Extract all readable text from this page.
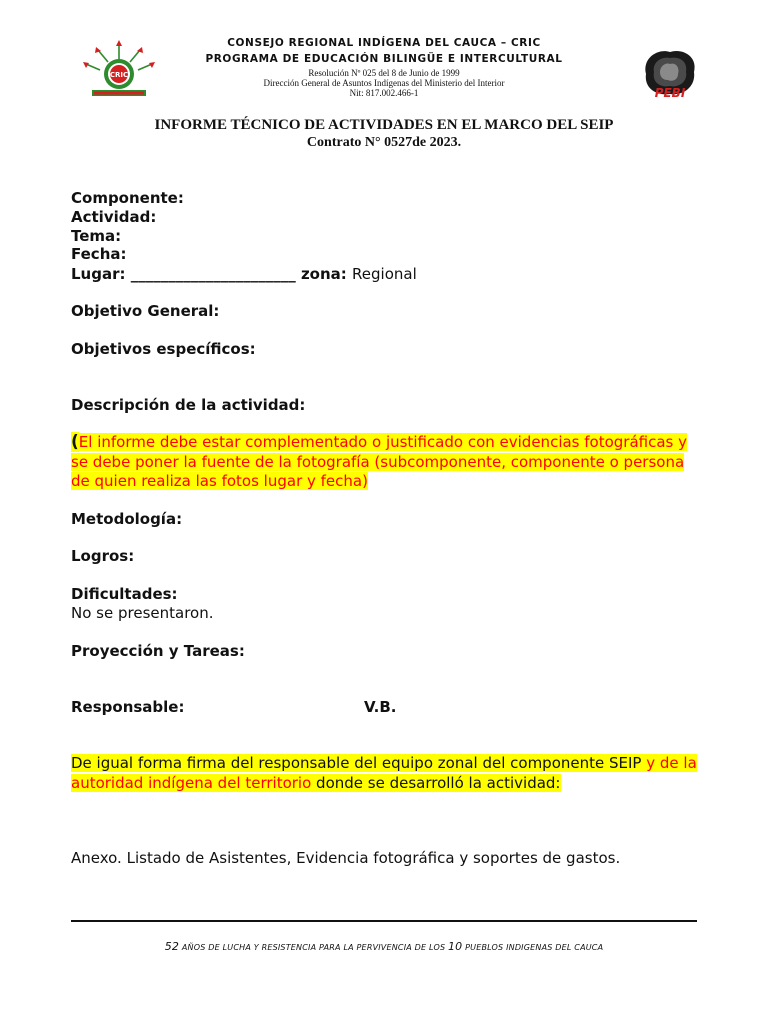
CRIC
PEBI
CONSEJO REGIONAL INDÍGENA DEL CAUCA – CRIC
PROGRAMA DE EDUCACIÓN BILINGÜE E INTERCULTURAL
Resolución Nº 025 del 8 de Junio de 1999
Dirección General de Asuntos Indígenas del Ministerio del Interior
Nit: 817.002.466-1
INFORME TÉCNICO DE ACTIVIDADES EN EL MARCO DEL SEIP
Contrato N° 0527de 2023.
Componente:
Actividad:
Tema:
Fecha:
Lugar: ______________________ zona: Regional
Objetivo General:
Objetivos específicos:
Descripción de la actividad:
(El informe debe estar complementado o justificado con evidencias fotográficas y se debe poner la fuente de la fotografía (subcomponente, componente o persona de quien realiza las fotos lugar y fecha)
Metodología:
Logros:
Dificultades:
No se presentaron.
Proyección y Tareas:
Responsable:	V.B.
De igual forma firma del responsable del equipo zonal del componente SEIP y de la autoridad indígena del territorio donde se desarrolló la actividad:
Anexo. Listado de Asistentes, Evidencia fotográfica y soportes de gastos.
52 AÑOS DE LUCHA Y RESISTENCIA PARA LA PERVIVENCIA DE LOS 10 PUEBLOS INDIGENAS DEL CAUCA
